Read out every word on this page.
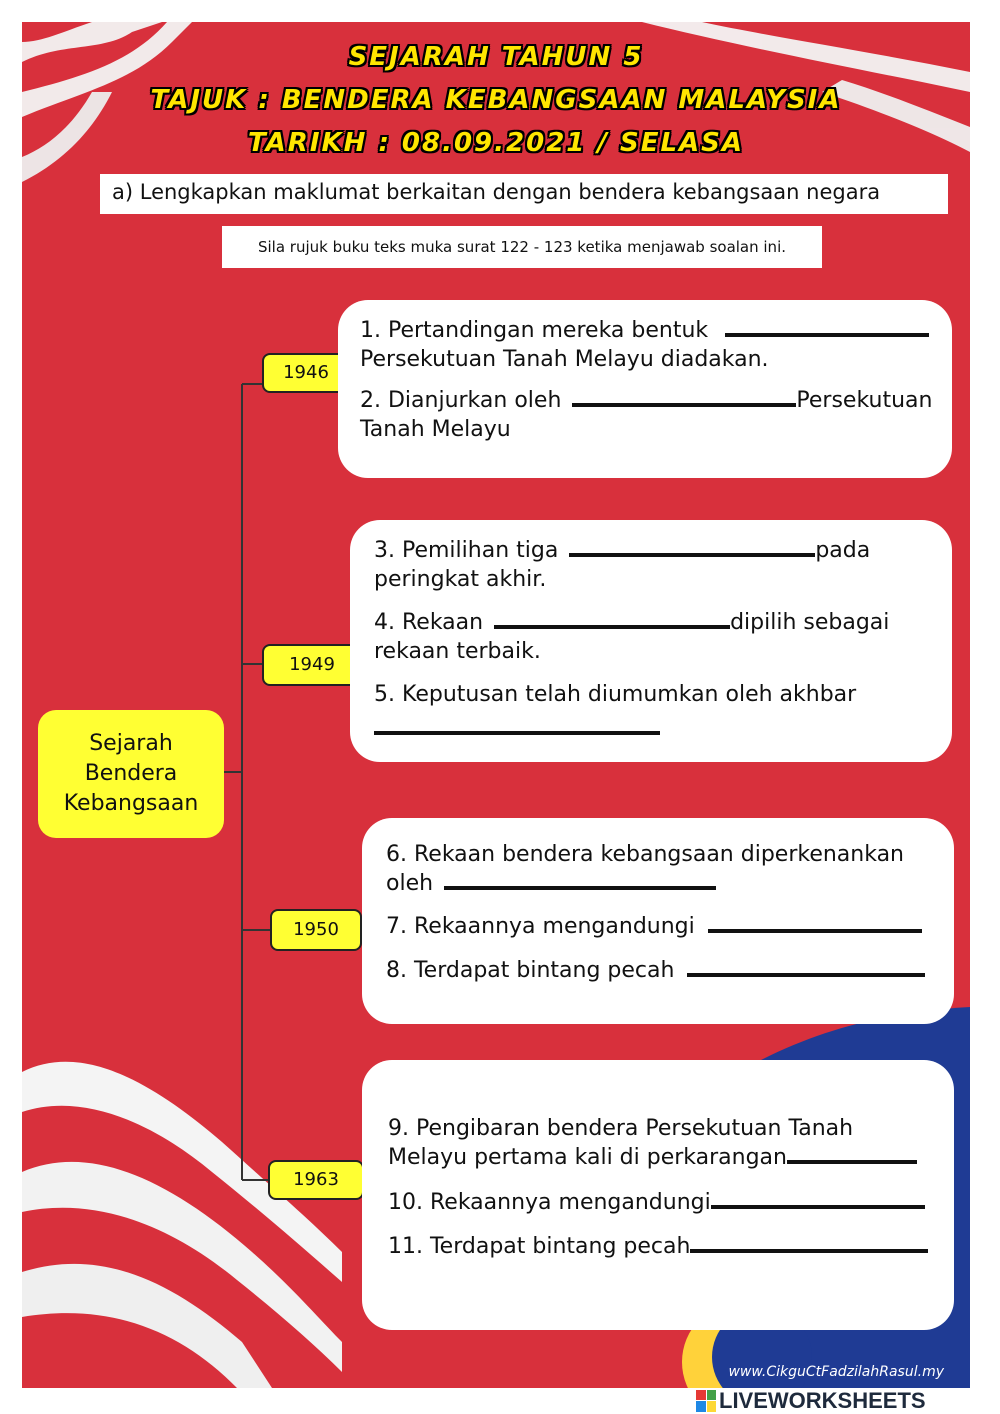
SEJARAH TAHUN 5
TAJUK : BENDERA KEBANGSAAN MALAYSIA
TARIKH : 08.09.2021 / SELASA
a) Lengkapkan maklumat berkaitan dengan bendera kebangsaan negara
Sila rujuk buku teks muka surat 122 - 123 ketika menjawab soalan ini.
Sejarah
Bendera
Kebangsaan
1946
1949
1950
1963
1. Pertandingan mereka bentuk
Persekutuan Tanah Melayu diadakan.
2. Dianjurkan oleh	Persekutuan
Tanah Melayu
3. Pemilihan tiga	pada
peringkat akhir.
4. Rekaan	dipilih sebagai
rekaan terbaik.
5. Keputusan telah diumumkan oleh akhbar

6. Rekaan bendera kebangsaan diperkenankan
oleh
7. Rekaannya mengandungi
8. Terdapat bintang pecah
9. Pengibaran bendera Persekutuan Tanah
Melayu pertama kali di perkarangan
10. Rekaannya mengandungi
11. Terdapat bintang pecah
www.CikguCtFadzilahRasul.my
LIVEWORKSHEETS
